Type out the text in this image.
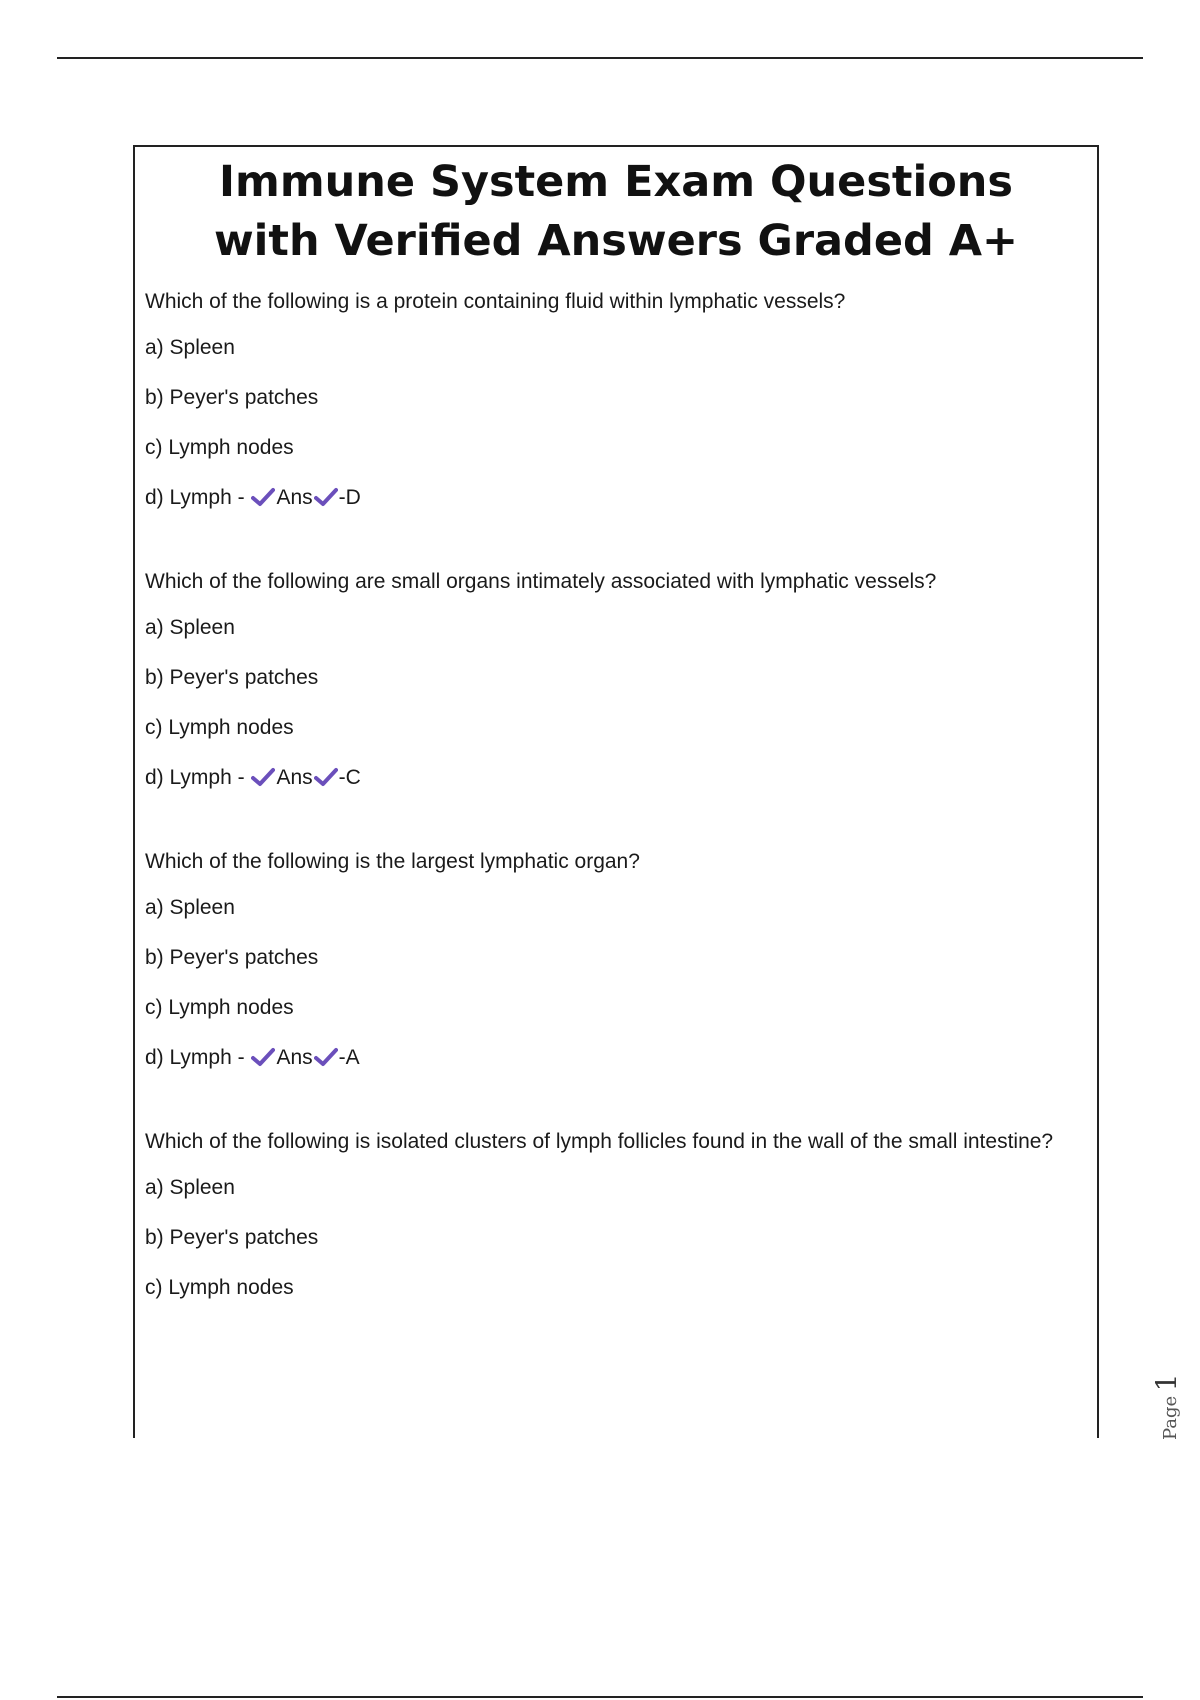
Immune System Exam Questions with Verified Answers Graded A+

Which of the following is a protein containing fluid within lymphatic vessels?

a) Spleen

b) Peyer's patches

c) Lymph nodes

d) Lymph - Ans -D

Which of the following are small organs intimately associated with lymphatic vessels?

a) Spleen

b) Peyer's patches

c) Lymph nodes

d) Lymph - Ans -C

Which of the following is the largest lymphatic organ?

a) Spleen

b) Peyer's patches

c) Lymph nodes

d) Lymph - Ans -A

Which of the following is isolated clusters of lymph follicles found in the wall of the small intestine?

a) Spleen

b) Peyer's patches

c) Lymph nodes

Page 1
